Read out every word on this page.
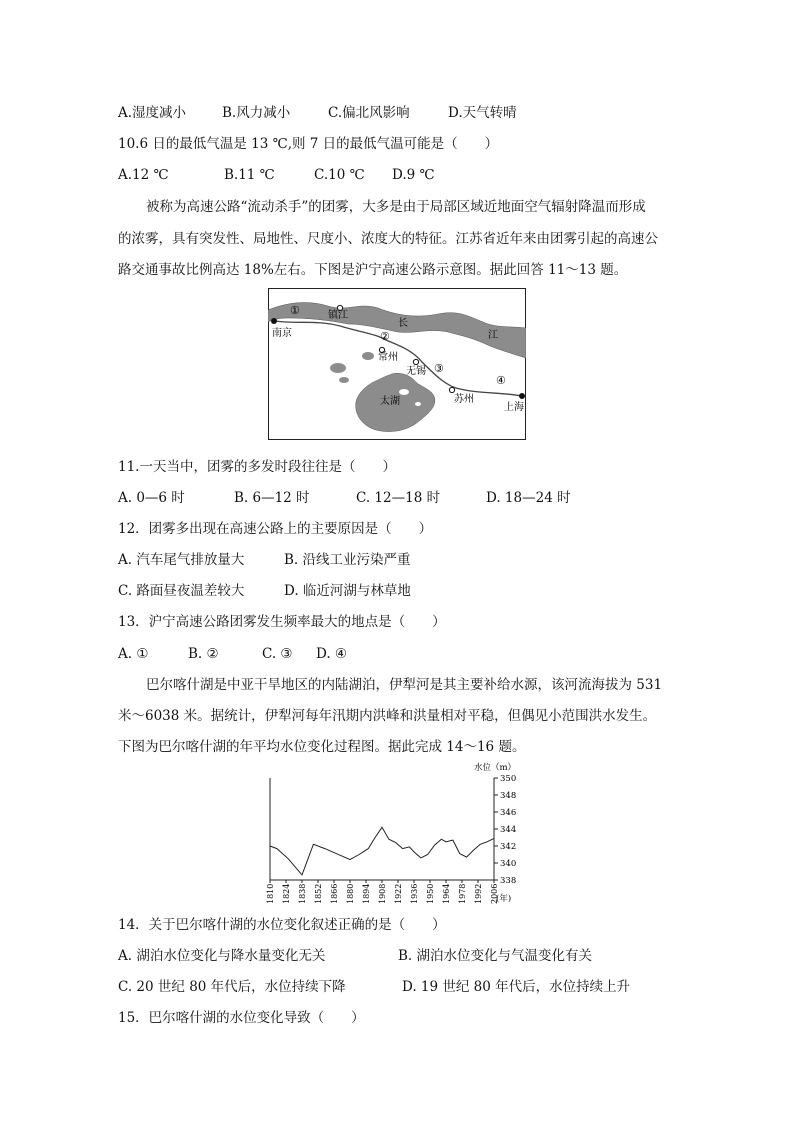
A.湿度减小	B.风力减小	C.偏北风影响	D.天气转晴
10.6 日的最低气温是 13 ℃,则 7 日的最低气温可能是（　　）
A.12 ℃	B.11 ℃	C.10 ℃ D.9 ℃
被称为高速公路“流动杀手”的团雾，大多是由于局部区域近地面空气辐射降温而形成
的浓雾，具有突发性、局地性、尺度小、浓度大的特征。江苏省近年来由团雾引起的高速公
路交通事故比例高达 18%左右。下图是沪宁高速公路示意图。据此回答 11～13 题。
南京
镇江
常州
无锡
苏州
上海
太湖
长
江
①
②
③
④
11.一天当中，团雾的多发时段往往是（　　）
A. 0—6 时	B. 6—12 时	C. 12—18 时	D. 18—24 时
12．团雾多出现在高速公路上的主要原因是（　　）
A. 汽车尾气排放量大	B. 沿线工业污染严重
C. 路面昼夜温差较大	D. 临近河湖与林草地
13．沪宁高速公路团雾发生频率最大的地点是（　　）
A. ①	B. ②	C. ③ D. ④
巴尔喀什湖是中亚干旱地区的内陆湖泊，伊犁河是其主要补给水源，该河流海拔为 531
米～6038 米。据统计，伊犁河每年汛期内洪峰和洪量相对平稳，但偶见小范围洪水发生。
下图为巴尔喀什湖的年平均水位变化过程图。据此完成 14～16 题。
338
340
342
344
346
348
350
水位（m）
1810 1824 1838 1852 1866 1880 1894 1908 1922 1936 1950 1964 1978 1992 2006
(年)
14．关于巴尔喀什湖的水位变化叙述正确的是（　　）
A. 湖泊水位变化与降水量变化无关	B. 湖泊水位变化与气温变化有关
C. 20 世纪 80 年代后，水位持续下降	D. 19 世纪 80 年代后，水位持续上升
15．巴尔喀什湖的水位变化导致（　　）
